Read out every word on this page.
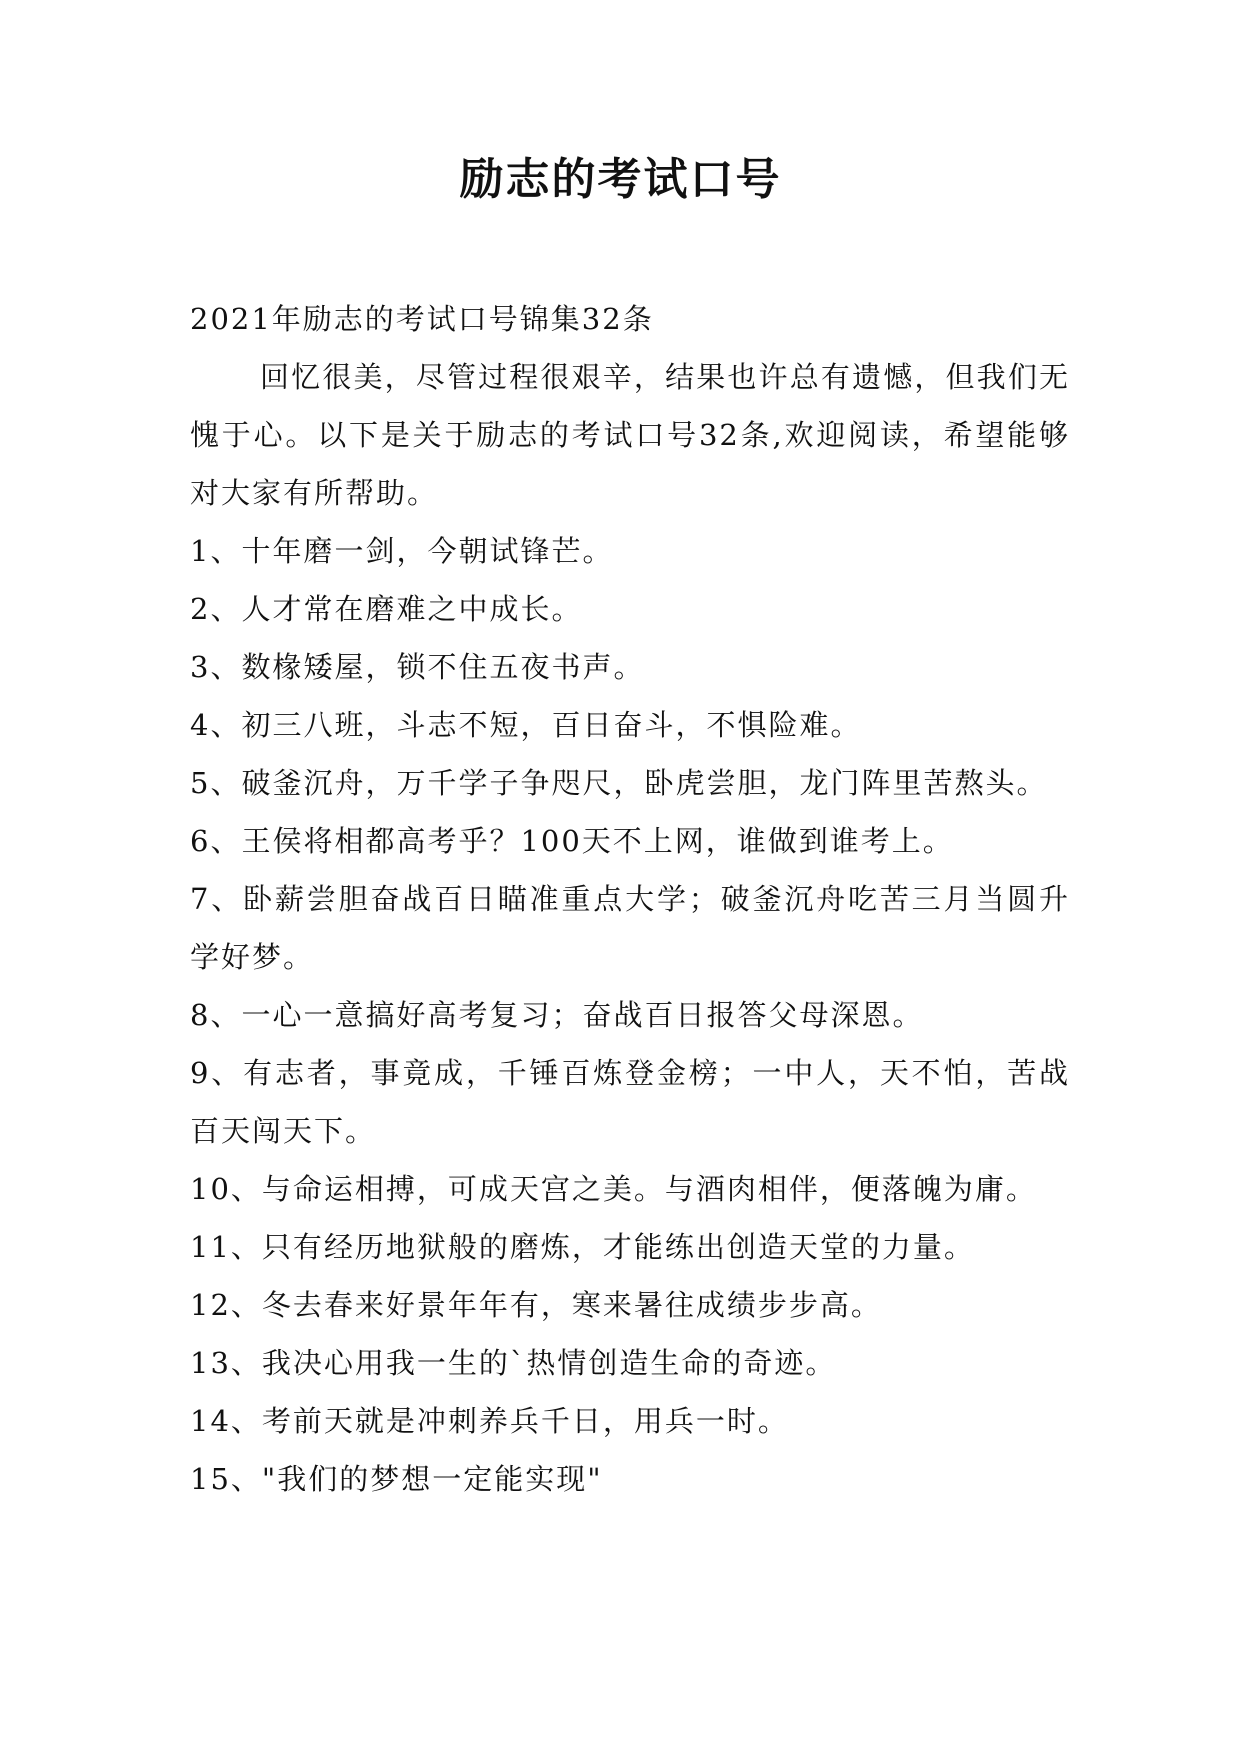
励志的考试口号

2021年励志的考试口号锦集32条

回忆很美，尽管过程很艰辛，结果也许总有遗憾，但我们无愧于心。以下是关于励志的考试口号32条,欢迎阅读，希望能够对大家有所帮助。

1、十年磨一剑，今朝试锋芒。

2、人才常在磨难之中成长。

3、数椽矮屋，锁不住五夜书声。

4、初三八班，斗志不短，百日奋斗，不惧险难。

5、破釜沉舟，万千学子争咫尺，卧虎尝胆，龙门阵里苦熬头。

6、王侯将相都高考乎？100天不上网，谁做到谁考上。

7、卧薪尝胆奋战百日瞄准重点大学；破釜沉舟吃苦三月当圆升学好梦。

8、一心一意搞好高考复习；奋战百日报答父母深恩。

9、有志者，事竟成，千锤百炼登金榜；一中人，天不怕，苦战百天闯天下。

10、与命运相搏，可成天宫之美。与酒肉相伴，便落魄为庸。

11、只有经历地狱般的磨炼，才能练出创造天堂的力量。

12、冬去春来好景年年有，寒来暑往成绩步步高。

13、我决心用我一生的`热情创造生命的奇迹。

14、考前天就是冲刺养兵千日，用兵一时。

15、"我们的梦想一定能实现"
